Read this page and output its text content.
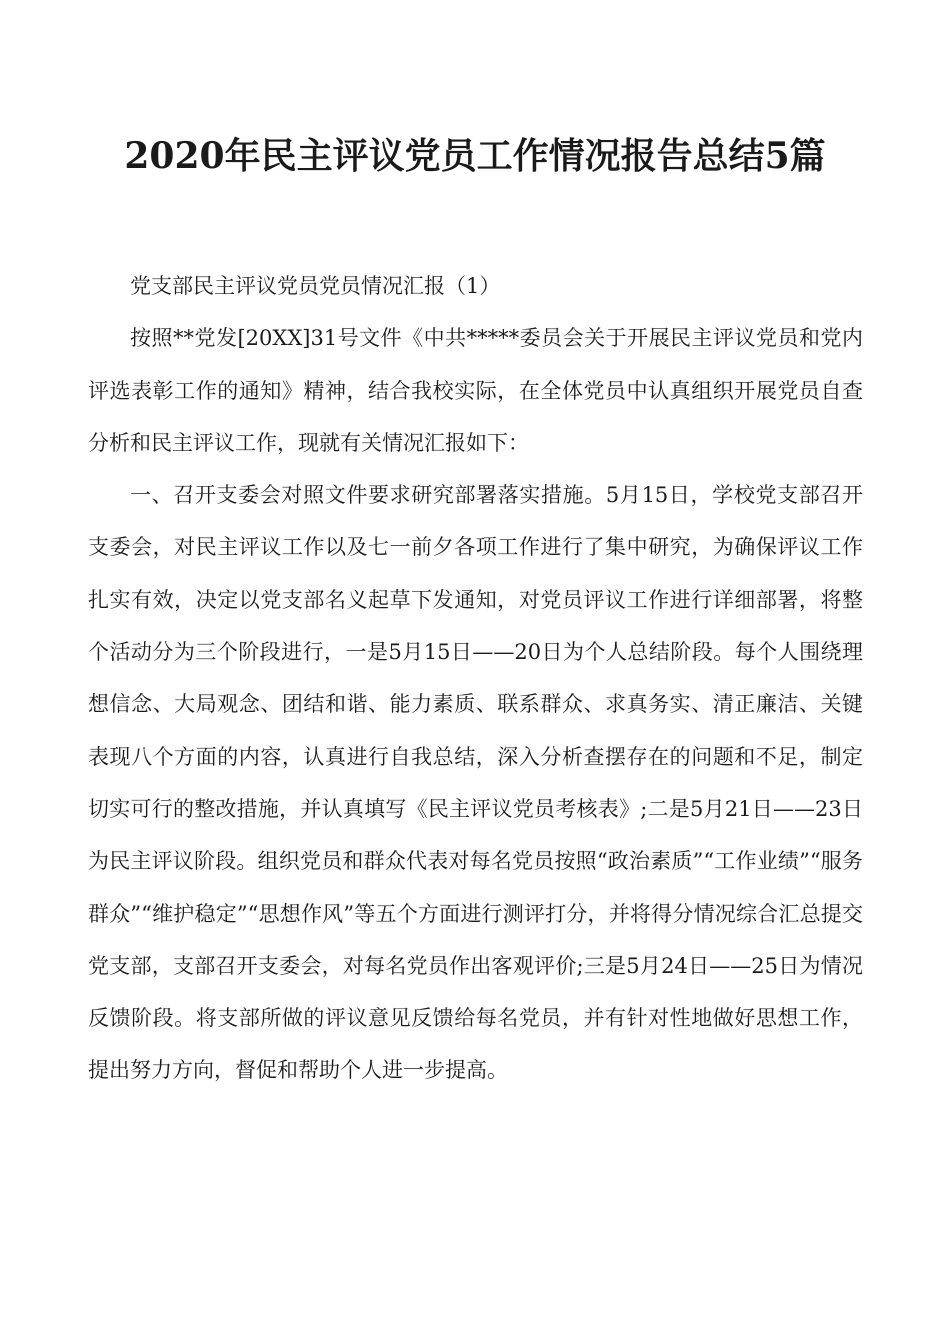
2020年民主评议党员工作情况报告总结5篇

党支部民主评议党员党员情况汇报（1）

按照**党发[20XX]31号文件《中共*****委员会关于开展民主评议党员和党内评选表彰工作的通知》精神，结合我校实际，在全体党员中认真组织开展党员自查分析和民主评议工作，现就有关情况汇报如下：

一、召开支委会对照文件要求研究部署落实措施。5月15日，学校党支部召开支委会，对民主评议工作以及七一前夕各项工作进行了集中研究，为确保评议工作扎实有效，决定以党支部名义起草下发通知，对党员评议工作进行详细部署，将整个活动分为三个阶段进行，一是5月15日——20日为个人总结阶段。每个人围绕理想信念、大局观念、团结和谐、能力素质、联系群众、求真务实、清正廉洁、关键表现八个方面的内容，认真进行自我总结，深入分析查摆存在的问题和不足，制定切实可行的整改措施，并认真填写《民主评议党员考核表》;二是5月21日——23日为民主评议阶段。组织党员和群众代表对每名党员按照“政治素质”“工作业绩”“服务群众”“维护稳定”“思想作风”等五个方面进行测评打分，并将得分情况综合汇总提交党支部，支部召开支委会，对每名党员作出客观评价;三是5月24日——25日为情况反馈阶段。将支部所做的评议意见反馈给每名党员，并有针对性地做好思想工作，提出努力方向，督促和帮助个人进一步提高。
